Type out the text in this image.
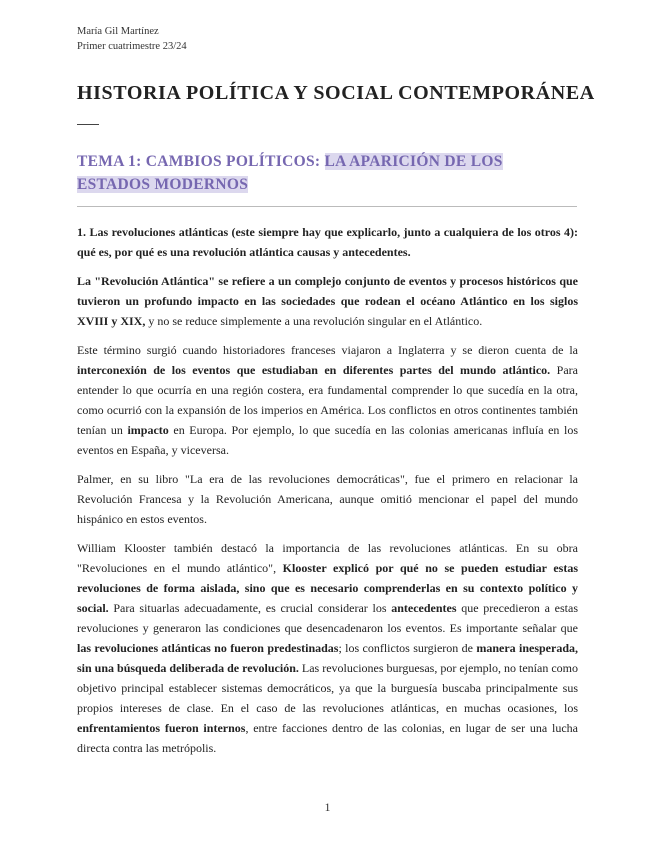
María Gil Martínez
Primer cuatrimestre 23/24
HISTORIA POLÍTICA Y SOCIAL CONTEMPORÁNEA
TEMA 1: CAMBIOS POLÍTICOS: LA APARICIÓN DE LOS ESTADOS MODERNOS

1. Las revoluciones atlánticas (este siempre hay que explicarlo, junto a cualquiera de los otros 4): qué es, por qué es una revolución atlántica causas y antecedentes.

La "Revolución Atlántica" se refiere a un complejo conjunto de eventos y procesos históricos que tuvieron un profundo impacto en las sociedades que rodean el océano Atlántico en los siglos XVIII y XIX, y no se reduce simplemente a una revolución singular en el Atlántico.

Este término surgió cuando historiadores franceses viajaron a Inglaterra y se dieron cuenta de la interconexión de los eventos que estudiaban en diferentes partes del mundo atlántico. Para entender lo que ocurría en una región costera, era fundamental comprender lo que sucedía en la otra, como ocurrió con la expansión de los imperios en América. Los conflictos en otros continentes también tenían un impacto en Europa. Por ejemplo, lo que sucedía en las colonias americanas influía en los eventos en España, y viceversa.

Palmer, en su libro "La era de las revoluciones democráticas", fue el primero en relacionar la Revolución Francesa y la Revolución Americana, aunque omitió mencionar el papel del mundo hispánico en estos eventos.

William Klooster también destacó la importancia de las revoluciones atlánticas. En su obra "Revoluciones en el mundo atlántico", Klooster explicó por qué no se pueden estudiar estas revoluciones de forma aislada, sino que es necesario comprenderlas en su contexto político y social. Para situarlas adecuadamente, es crucial considerar los antecedentes que precedieron a estas revoluciones y generaron las condiciones que desencadenaron los eventos. Es importante señalar que las revoluciones atlánticas no fueron predestinadas; los conflictos surgieron de manera inesperada, sin una búsqueda deliberada de revolución. Las revoluciones burguesas, por ejemplo, no tenían como objetivo principal establecer sistemas democráticos, ya que la burguesía buscaba principalmente sus propios intereses de clase. En el caso de las revoluciones atlánticas, en muchas ocasiones, los enfrentamientos fueron internos, entre facciones dentro de las colonias, en lugar de ser una lucha directa contra las metrópolis.

1
